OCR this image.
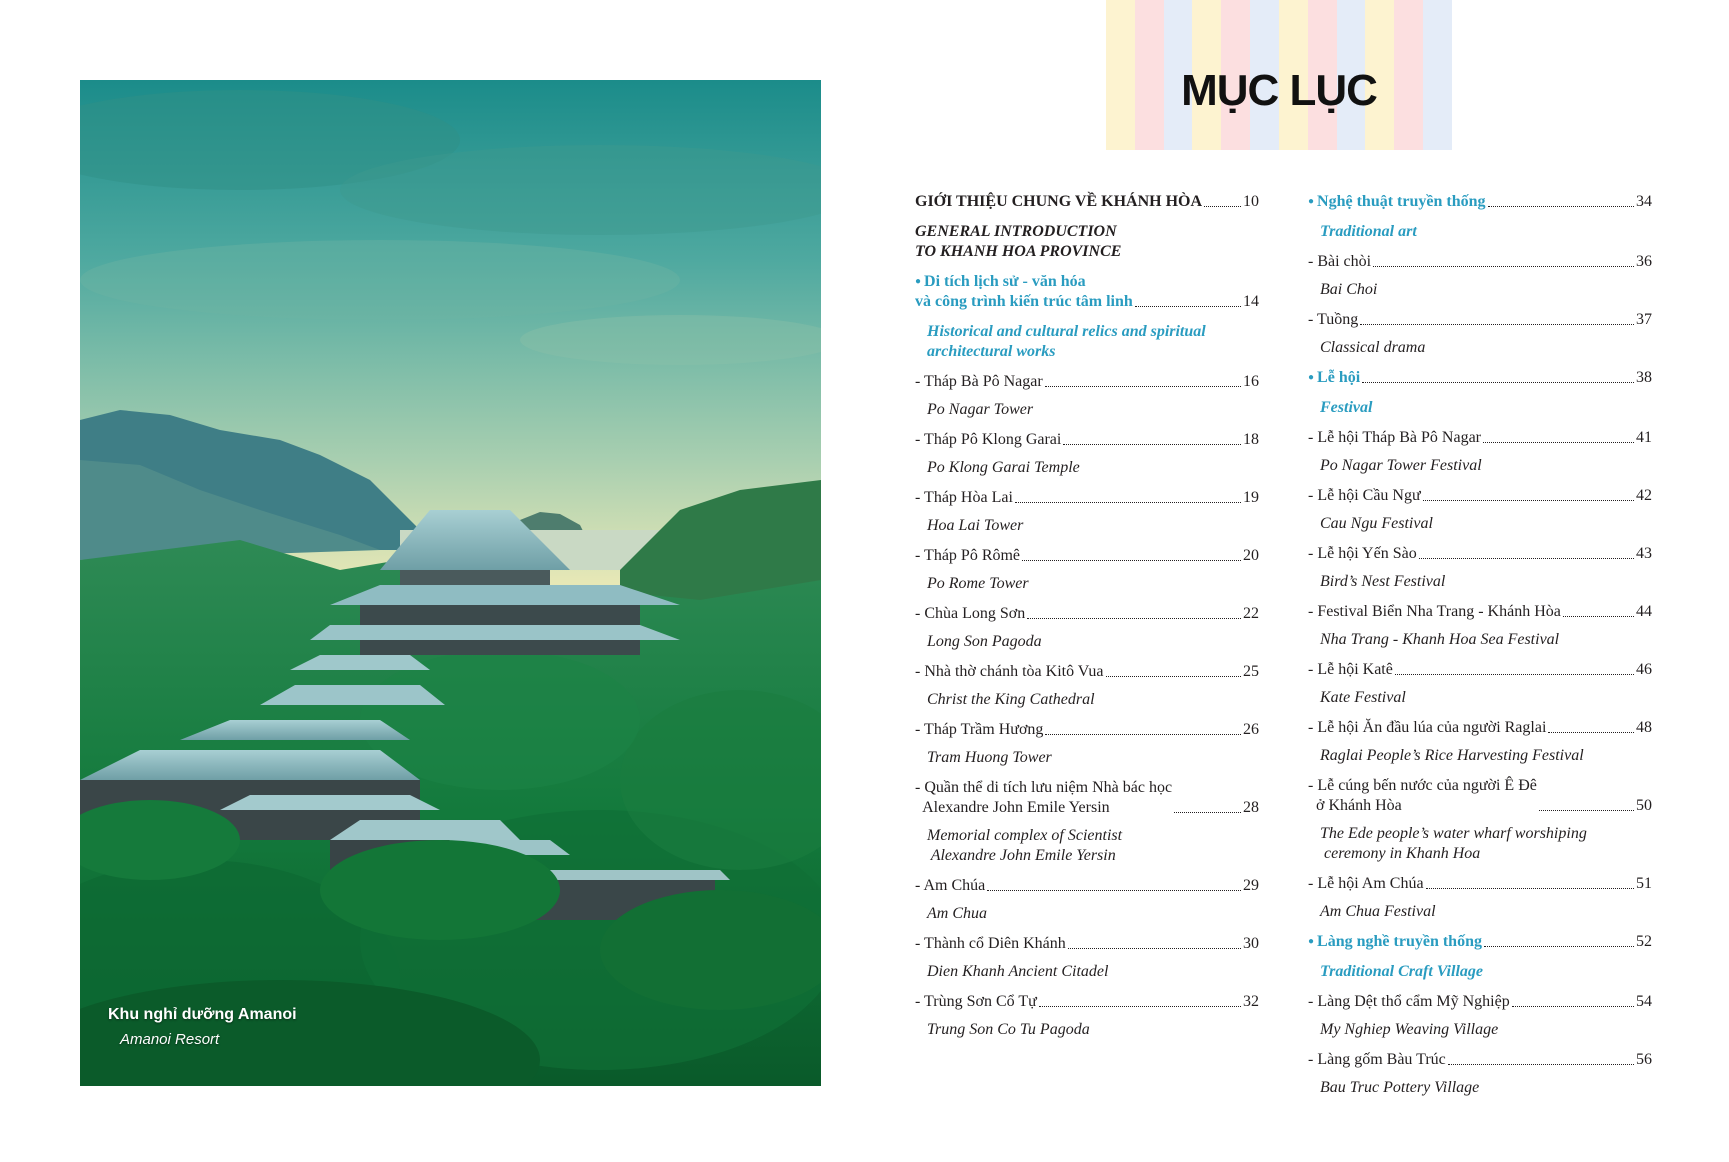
Khu nghỉ dưỡng Amanoi
Amanoi Resort
MỤC LỤC
GIỚI THIỆU CHUNG VỀ KHÁNH HÒA	10
GENERAL INTRODUCTION
TO KHANH HOA PROVINCE
● Di tích lịch sử - văn hóa
và công trình kiến trúc tâm linh	14
Historical and cultural relics and spiritual
architectural works
- Tháp Bà Pô Nagar	16
Po Nagar Tower
- Tháp Pô Klong Garai	18
Po Klong Garai Temple
- Tháp Hòa Lai	19
Hoa Lai Tower
- Tháp Pô Rômê	20
Po Rome Tower
- Chùa Long Sơn	22
Long Son Pagoda
- Nhà thờ chánh tòa Kitô Vua	25
Christ the King Cathedral
- Tháp Trầm Hương	26
Tram Huong Tower
- Quần thể di tích lưu niệm Nhà bác học
Alexandre John Emile Yersin	28
Memorial complex of Scientist
Alexandre John Emile Yersin
- Am Chúa	29
Am Chua
- Thành cổ Diên Khánh	30
Dien Khanh Ancient Citadel
- Trùng Sơn Cổ Tự	32
Trung Son Co Tu Pagoda
● Nghệ thuật truyền thống	34
Traditional art
- Bài chòi	36
Bai Choi
- Tuồng	37
Classical drama
● Lễ hội	38
Festival
- Lễ hội Tháp Bà Pô Nagar	41
Po Nagar Tower Festival
- Lễ hội Cầu Ngư	42
Cau Ngu Festival
- Lễ hội Yến Sào	43
Bird’s Nest Festival
- Festival Biển Nha Trang - Khánh Hòa	44
Nha Trang - Khanh Hoa Sea Festival
- Lễ hội Katê	46
Kate Festival
- Lễ hội Ăn đầu lúa của người Raglai	48
Raglai People’s Rice Harvesting Festival
- Lễ cúng bến nước của người Ê Đê
ở Khánh Hòa	50
The Ede people’s water wharf worshiping
ceremony in Khanh Hoa
- Lễ hội Am Chúa	51
Am Chua Festival
● Làng nghề truyền thống	52
Traditional Craft Village
- Làng Dệt thổ cẩm Mỹ Nghiệp	54
My Nghiep Weaving Village
- Làng gốm Bàu Trúc	56
Bau Truc Pottery Village
